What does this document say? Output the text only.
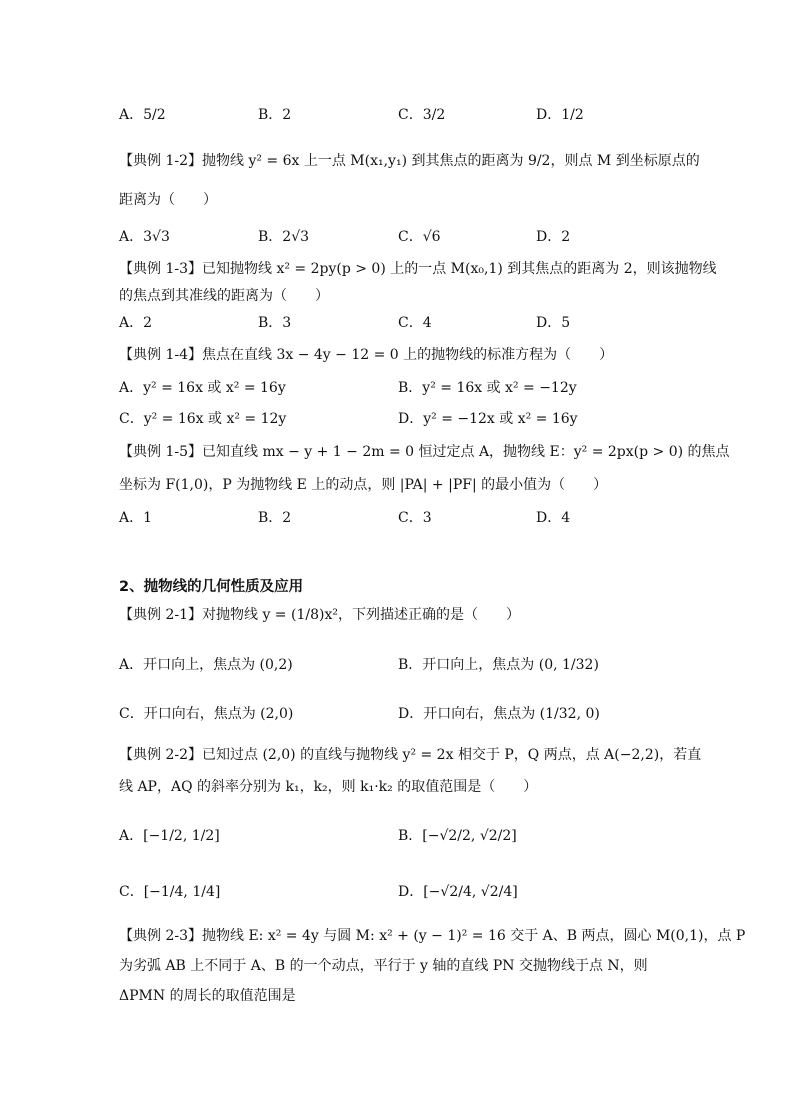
A．5/2	B．2	C．3/2	D．1/2
【典例 1-2】抛物线 y² = 6x 上一点 M(x₁,y₁) 到其焦点的距离为 9/2，则点 M 到坐标原点的
距离为（　　）
A．3√3	B．2√3	C．√6	D．2
【典例 1-3】已知抛物线 x² = 2py(p > 0) 上的一点 M(x₀,1) 到其焦点的距离为 2，则该抛物线
的焦点到其准线的距离为（　　）
A．2	B．3	C．4	D．5
【典例 1-4】焦点在直线 3x − 4y − 12 = 0 上的抛物线的标准方程为（　　）
A．y² = 16x 或 x² = 16y	B．y² = 16x 或 x² = −12y
C．y² = 16x 或 x² = 12y	D．y² = −12x 或 x² = 16y
【典例 1-5】已知直线 mx − y + 1 − 2m = 0 恒过定点 A，抛物线 E：y² = 2px(p > 0) 的焦点
坐标为 F(1,0)，P 为抛物线 E 上的动点，则 |PA| + |PF| 的最小值为（　　）
A．1	B．2	C．3	D．4
2、抛物线的几何性质及应用
【典例 2-1】对抛物线 y = (1/8)x²，下列描述正确的是（　　）
A．开口向上，焦点为 (0,2)	B．开口向上，焦点为 (0, 1/32)
C．开口向右，焦点为 (2,0)	D．开口向右，焦点为 (1/32, 0)
【典例 2-2】已知过点 (2,0) 的直线与抛物线 y² = 2x 相交于 P，Q 两点，点 A(−2,2)，若直
线 AP，AQ 的斜率分别为 k₁，k₂，则 k₁·k₂ 的取值范围是（　　）
A．[−1/2, 1/2]	B．[−√2/2, √2/2]
C．[−1/4, 1/4]	D．[−√2/4, √2/4]
【典例 2-3】抛物线 E: x² = 4y 与圆 M: x² + (y − 1)² = 16 交于 A、B 两点，圆心 M(0,1)，点 P
为劣弧 AB 上不同于 A、B 的一个动点，平行于 y 轴的直线 PN 交抛物线于点 N，则
ΔPMN 的周长的取值范围是
